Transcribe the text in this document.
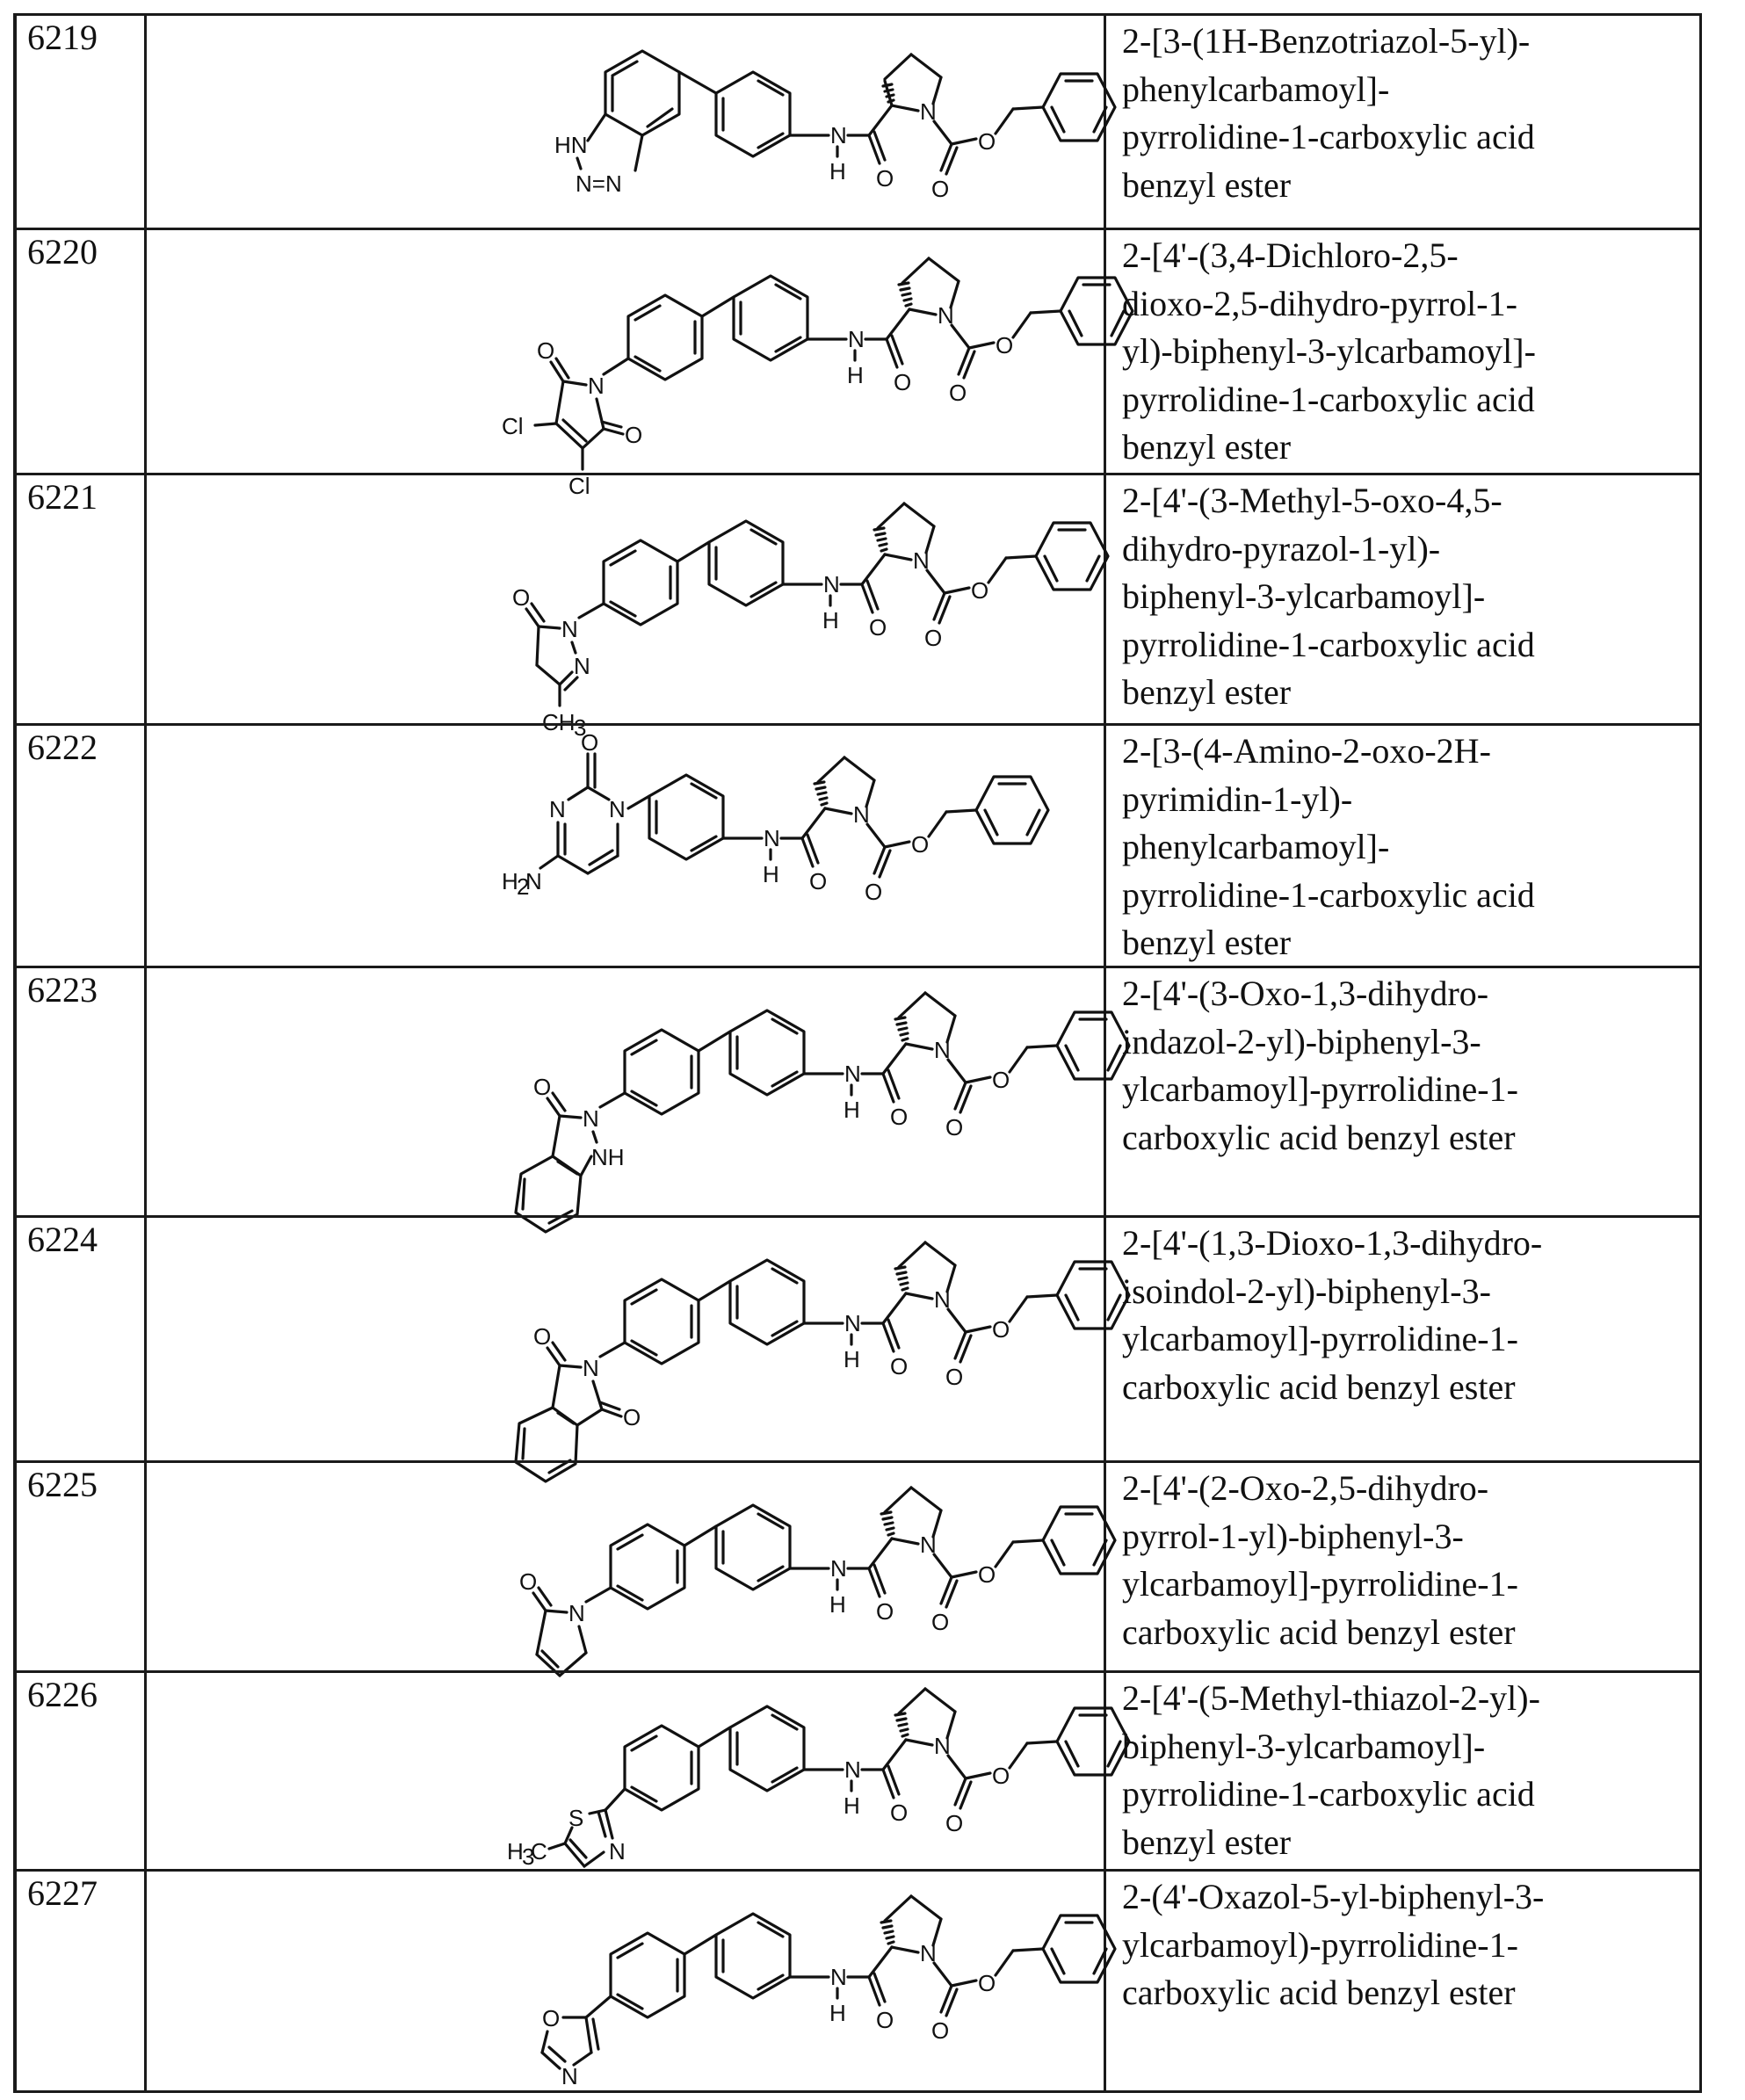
6219
N
H O
N
O
O
HN
N=N
2-[3-(1H-Benzotriazol-5-yl)-
phenylcarbamoyl]-
pyrrolidine-1-carboxylic acid
benzyl ester
6220
N
O
O
Cl
Cl
2-[4'-(3,4-Dichloro-2,5-
dioxo-2,5-dihydro-pyrrol-1-
yl)-biphenyl-3-ylcarbamoyl]-
pyrrolidine-1-carboxylic acid
benzyl ester
6221
N
O
N
CH
3
2-[4'-(3-Methyl-5-oxo-4,5-
dihydro-pyrazol-1-yl)-
biphenyl-3-ylcarbamoyl]-
pyrrolidine-1-carboxylic acid
benzyl ester
6222
N
O
N
H
2
N
2-[3-(4-Amino-2-oxo-2H-
pyrimidin-1-yl)-
phenylcarbamoyl]-
pyrrolidine-1-carboxylic acid
benzyl ester
6223
N
O
NH
2-[4'-(3-Oxo-1,3-dihydro-
indazol-2-yl)-biphenyl-3-
ylcarbamoyl]-pyrrolidine-1-
carboxylic acid benzyl ester
6224
N
O
O
2-[4'-(1,3-Dioxo-1,3-dihydro-
isoindol-2-yl)-biphenyl-3-
ylcarbamoyl]-pyrrolidine-1-
carboxylic acid benzyl ester
6225
N
O
2-[4'-(2-Oxo-2,5-dihydro-
pyrrol-1-yl)-biphenyl-3-
ylcarbamoyl]-pyrrolidine-1-
carboxylic acid benzyl ester
6226
N
S
H
3
C
2-[4'-(5-Methyl-thiazol-2-yl)-
biphenyl-3-ylcarbamoyl]-
pyrrolidine-1-carboxylic acid
benzyl ester
6227
N
O
2-(4'-Oxazol-5-yl-biphenyl-3-
ylcarbamoyl)-pyrrolidine-1-
carboxylic acid benzyl ester
